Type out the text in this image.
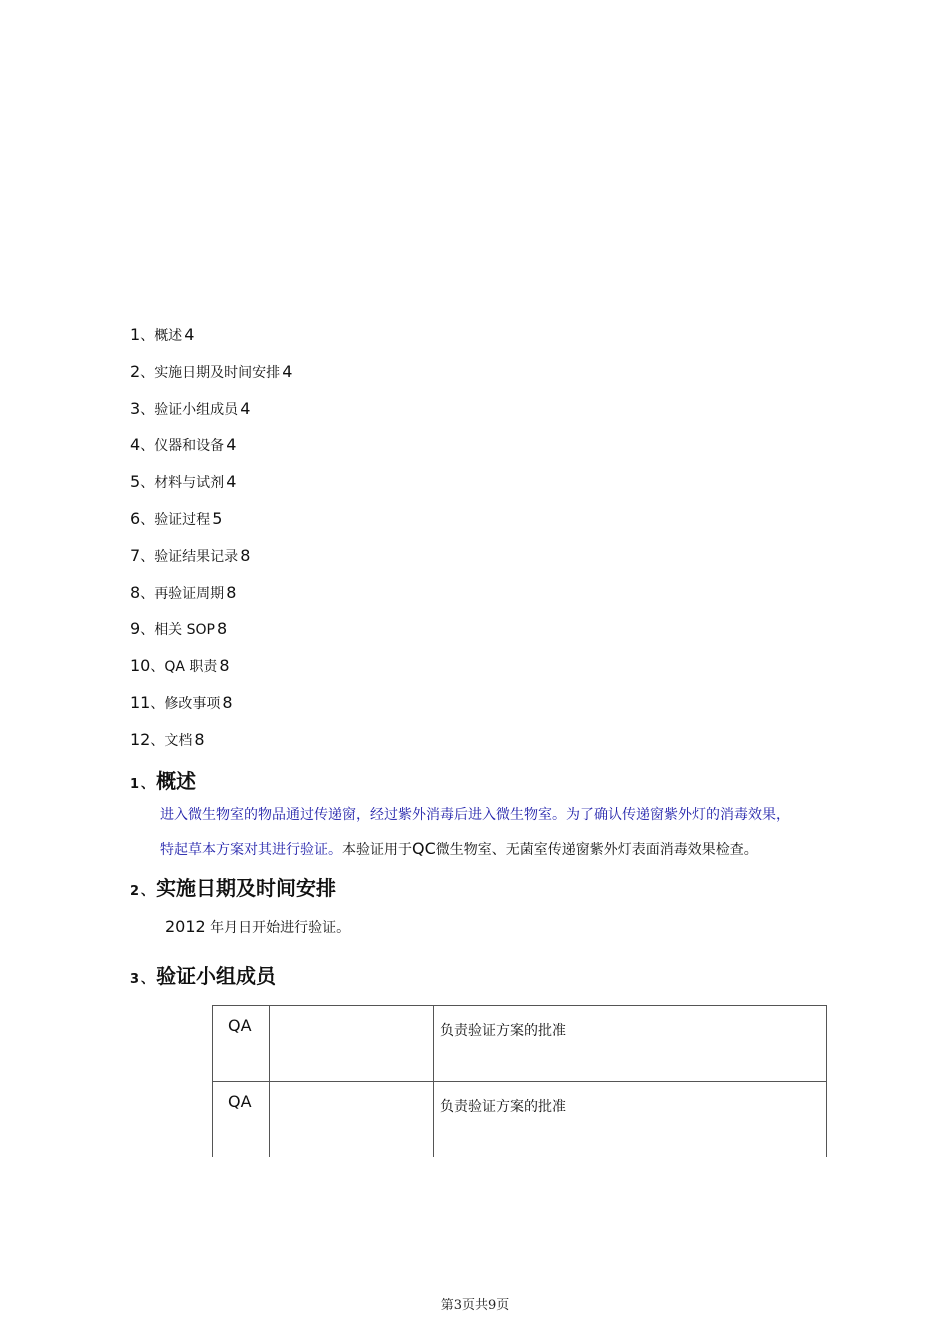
1、概述 4
2、实施日期及时间安排 4
3、验证小组成员 4
4、仪器和设备 4
5、材料与试剂 4
6、验证过程 5
7、验证结果记录 8
8、再验证周期 8
9、相关 SOP 8
10、QA 职责 8
11、修改事项 8
12、文档 8
1 、 概述
进入微生物室的物品通过传递窗，经过紫外消毒后进入微生物室。为了确认传递窗紫外灯的消毒效果，
特起草本方案对其进行验证。本验证用于QC微生物室、无菌室传递窗紫外灯表面消毒效果检查。
2 、 实施日期及时间安排
2012 年月日开始进行验证。
3 、 验证小组成员
QA		负责验证方案的批准
QA		负责验证方案的批准
第3页共9页
